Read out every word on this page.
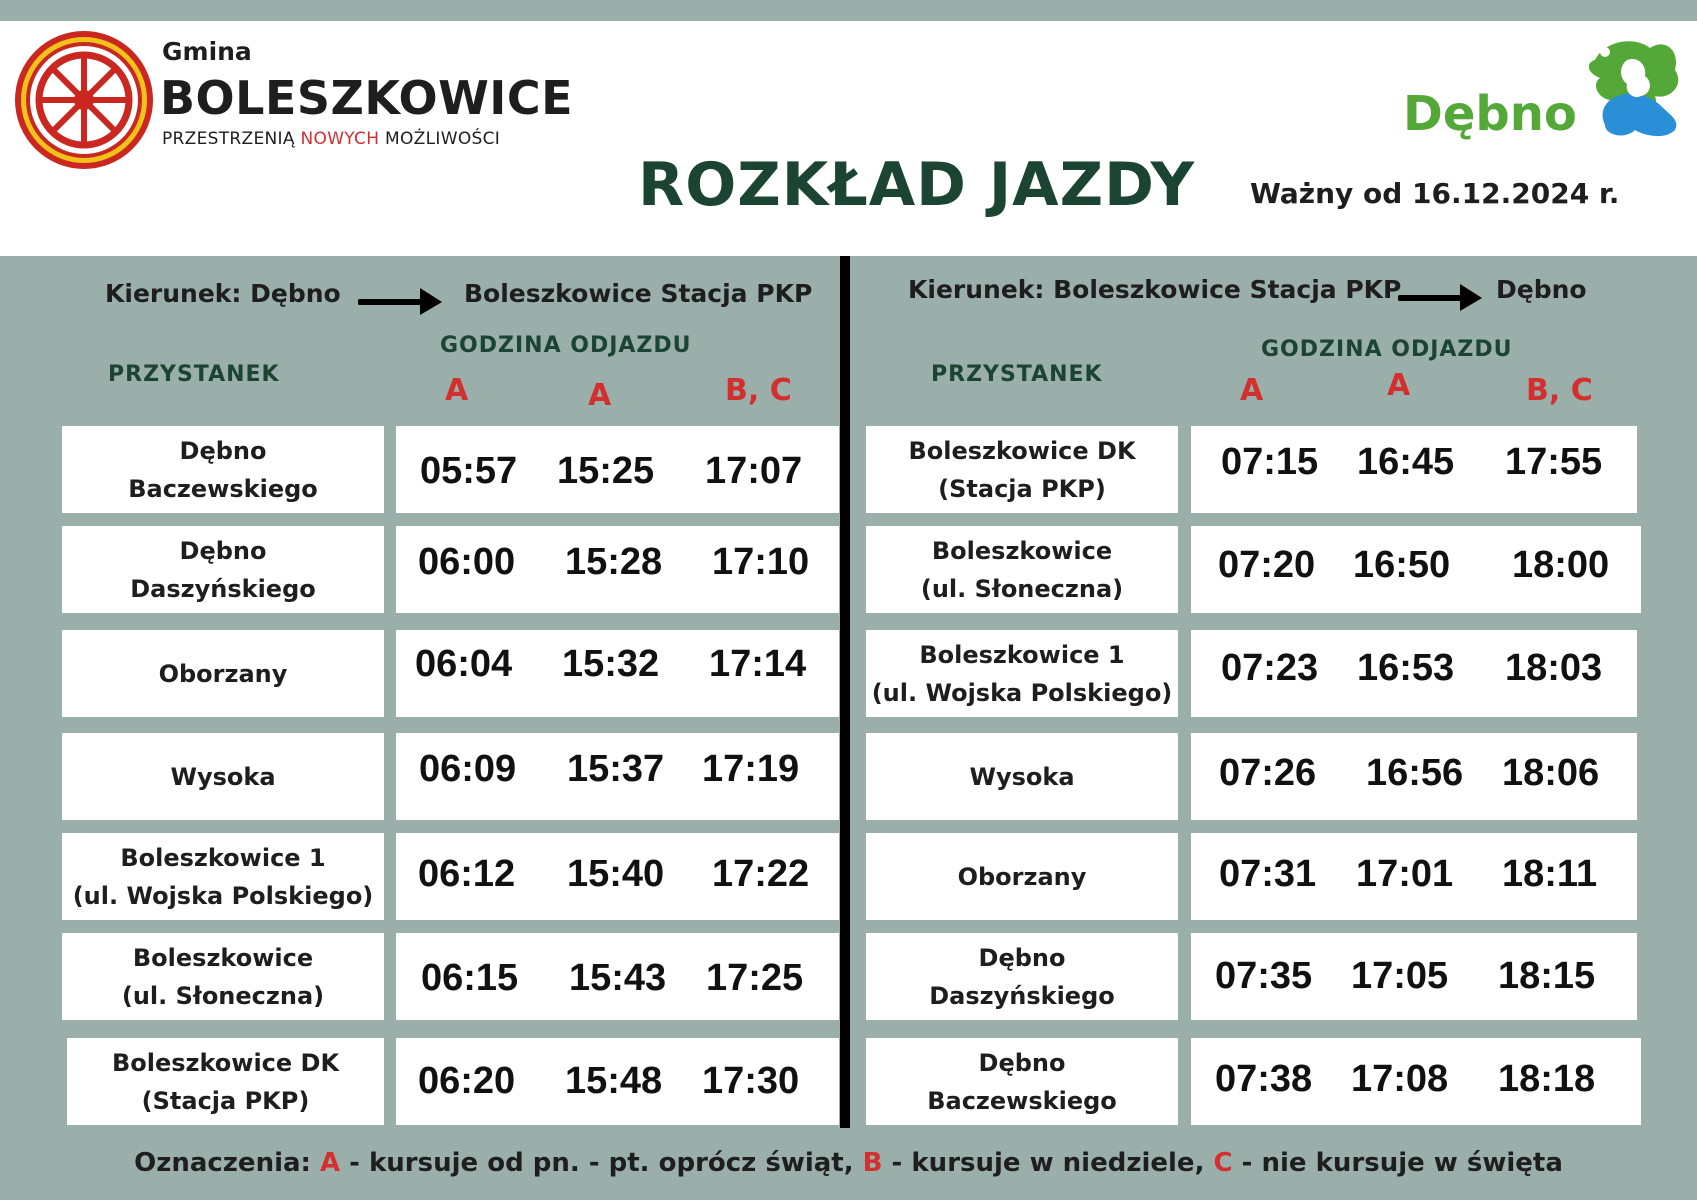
Gmina
BOLESZKOWICE
PRZESTRZENIĄ NOWYCH MOŻLIWOŚCI	Dębno
ROZKŁAD JAZDY Ważny od 16.12.2024 r.
Kierunek: Dębno	Boleszkowice Stacja PKP
GODZINA ODJAZDU
PRZYSTANEK	A	A	B, C
Kierunek: Boleszkowice Stacja PKP	Dębno
GODZINA ODJAZDU
PRZYSTANEK	A	A	B, C
Dębno
Baczewskiego	05:57 15:25 17:07
Dębno
Daszyńskiego
06:00 15:28 17:10
Oborzany	06:04 15:32 17:14
Wysoka	06:09 15:37 17:19
Boleszkowice 1
(ul. Wojska Polskiego)
06:12 15:40 17:22
Boleszkowice
(ul. Słoneczna)	06:15 15:43 17:25
Boleszkowice DK
(Stacja PKP)	06:20 15:48 17:30
Boleszkowice DK
(Stacja PKP)
07:15 16:45 17:55
Boleszkowice
(ul. Słoneczna)
07:20 16:50 18:00
Boleszkowice 1
(ul. Wojska Polskiego)
07:23 16:53 18:03
Wysoka	07:26 16:56 18:06
Oborzany	07:31 17:01 18:11
Dębno
Daszyńskiego	07:35 17:05 18:15
Dębno
Baczewskiego
07:38 17:08 18:18
Oznaczenia: A - kursuje od pn. - pt. oprócz świąt, B - kursuje w niedziele, C - nie kursuje w święta
